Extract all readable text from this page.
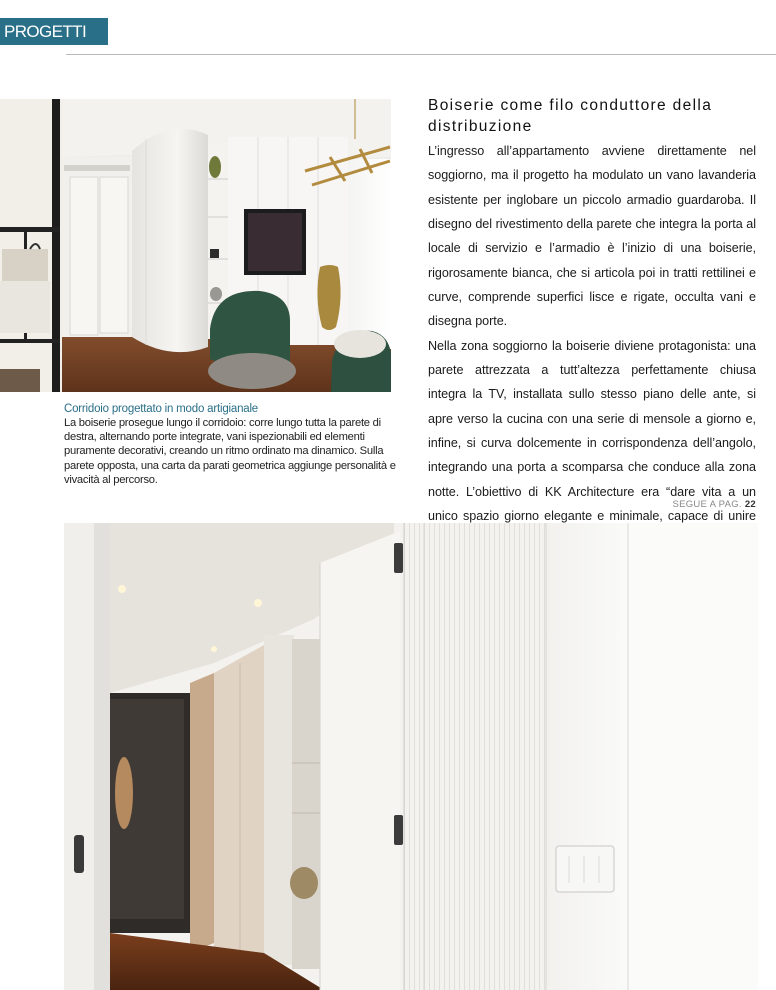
PROGETTI
Corridoio progettato in modo artigianale
La boiserie prosegue lungo il corridoio: corre lungo tutta la parete di destra, alternando porte integrate, vani ispezionabili ed elementi puramente decorativi, creando un ritmo ordinato ma dinamico. Sulla parete opposta, una carta da parati geometrica aggiunge personalità e vivacità al percorso.
Boiserie come filo conduttore della distribuzione

L’ingresso all’appartamento avviene direttamente nel soggiorno, ma il progetto ha modulato un vano lavanderia esistente per inglobare un piccolo armadio guardaroba. Il disegno del rivestimento della parete che integra la porta al locale di servizio e l’armadio è l’inizio di una boiserie, rigorosamente bianca, che si articola poi in tratti rettilinei e curve, comprende superfici lisce e rigate, occulta vani e disegna porte.

Nella zona soggiorno la boiserie diviene protagonista: una parete attrezzata a tutt’altezza perfettamente chiusa integra la TV, installata sullo stesso piano delle ante, si apre verso la cucina con una serie di mensole a giorno e, infine, si curva dolcemente in corrispondenza dell’angolo, integrando una porta a scomparsa che conduce alla zona notte. L’obiettivo di KK Architecture era “dare vita a un unico spazio giorno elegante e minimale, capace di unire

SEGUE A PAG. 22
